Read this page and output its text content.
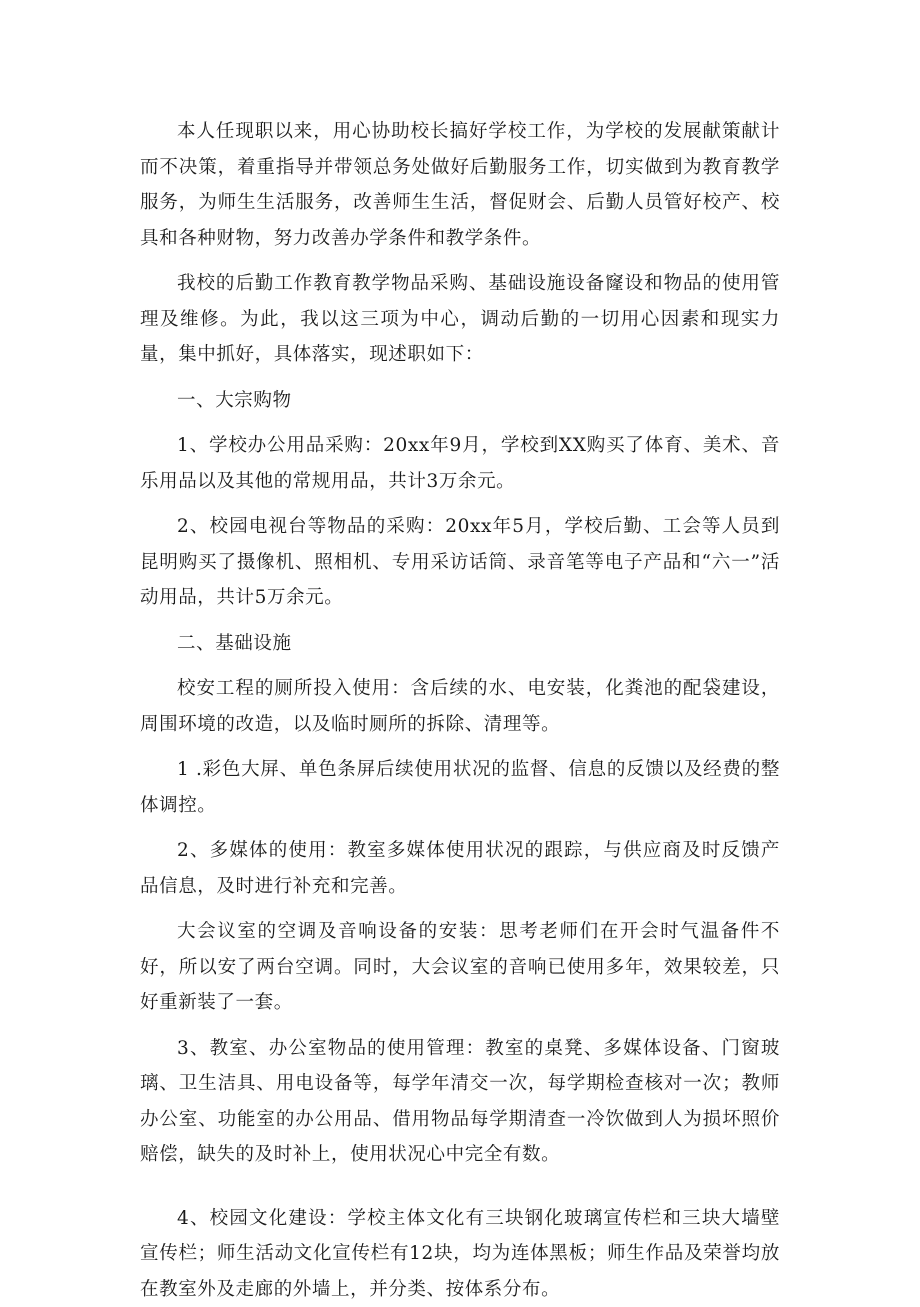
本人任现职以来，用心协助校长搞好学校工作，为学校的发展献策献计而不决策，着重指导并带领总务处做好后勤服务工作，切实做到为教育教学服务，为师生生活服务，改善师生生活，督促财会、后勤人员管好校产、校具和各种财物，努力改善办学条件和教学条件。

我校的后勤工作教育教学物品采购、基础设施设备窿设和物品的使用管理及维修。为此，我以这三项为中心，调动后勤的一切用心因素和现实力量，集中抓好，具体落实，现述职如下：

一、大宗购物

1、学校办公用品采购：20xx年9月，学校到XX购买了体育、美术、音乐用品以及其他的常规用品，共计3万余元。

2、校园电视台等物品的采购：20xx年5月，学校后勤、工会等人员到昆明购买了摄像机、照相机、专用采访话筒、录音笔等电子产品和“六一”活动用品，共计5万余元。

二、基础设施

校安工程的厕所投入使用：含后续的水、电安装，化粪池的配袋建设，周围环境的改造，以及临时厕所的拆除、清理等。

1 .彩色大屏、单色条屏后续使用状况的监督、信息的反馈以及经费的整体调控。

2、多媒体的使用：教室多媒体使用状况的跟踪，与供应商及时反馈产品信息，及时进行补充和完善。

大会议室的空调及音响设备的安装：思考老师们在开会时气温备件不好，所以安了两台空调。同时，大会议室的音响已使用多年，效果较差，只好重新装了一套。

3、教室、办公室物品的使用管理：教室的桌凳、多媒体设备、门窗玻璃、卫生洁具、用电设备等，每学年清交一次，每学期检查核对一次；教师办公室、功能室的办公用品、借用物品每学期清查一冷饮做到人为损坏照价赔偿，缺失的及时补上，使用状况心中完全有数。

4、校园文化建设：学校主体文化有三块钢化玻璃宣传栏和三块大墙壁宣传栏；师生活动文化宣传栏有12块，均为连体黑板；师生作品及荣誉均放在教室外及走廊的外墙上，并分类、按体系分布。
